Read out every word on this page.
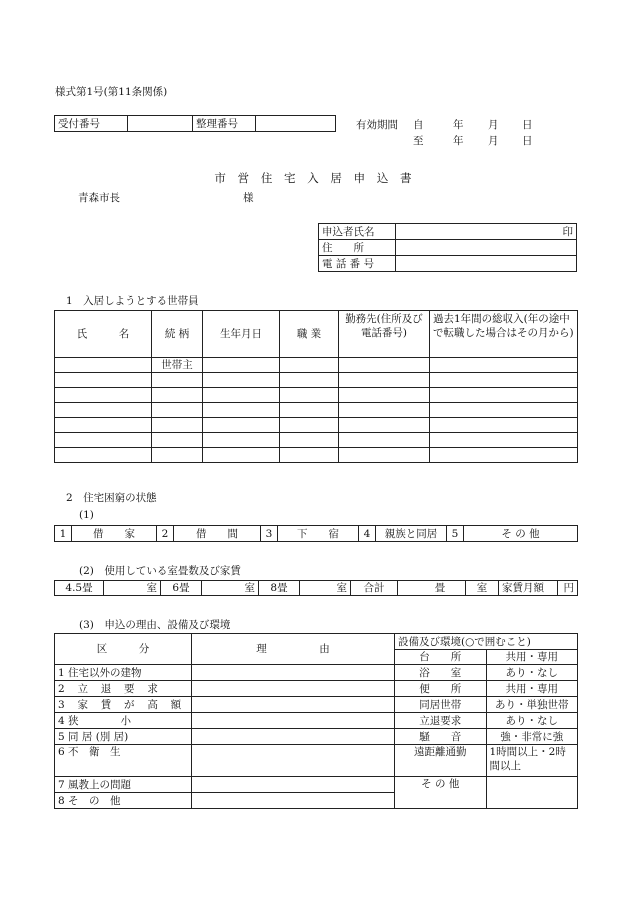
様式第1号(第11条関係)
受付番号		整理番号		有効期間 自	年 月 日
至	年 月 日
市 営 住 宅 入 居 申 込 書
青森市長	様
申込者氏名	印
住　　所	
電 話 番 号	
1　入居しようとする世帯員
氏　　　名	続 柄	生年月日	職 業	勤務先(住所及び電話番号)	過去1年間の総収入(年の途中で転職した場合はその月から)
	世帯主				

2　住宅困窮の状態
(1)
1	借　　家	2	借　　間	3	下　　宿	4	親族と同居	5	そ の 他
(2)　使用している室畳数及び家賃
4.5畳	室	6畳	室	8畳	室	合計	畳	室	家賃月額	円
(3)　申込の理由、設備及び環境
区　　　分	理　　　　　由	設備及び環境(○で囲むこと)	
		台　　所	共用・専用
1 住宅以外の建物		浴　　室	あり・なし
2 立 退 要 求		便　　所	共用・専用
3 家 賃 が 高 額		同居世帯	あり・単独世帯
4 狭　　　　小		立退要求	あり・なし
5 同 居 (別 居)		騒　　音	強・非常に強
6 不　衛　生		遠距離通勤	1時間以上・2時間以上
7 風教上の問題		そ の 他	
8 そ　の　他			
